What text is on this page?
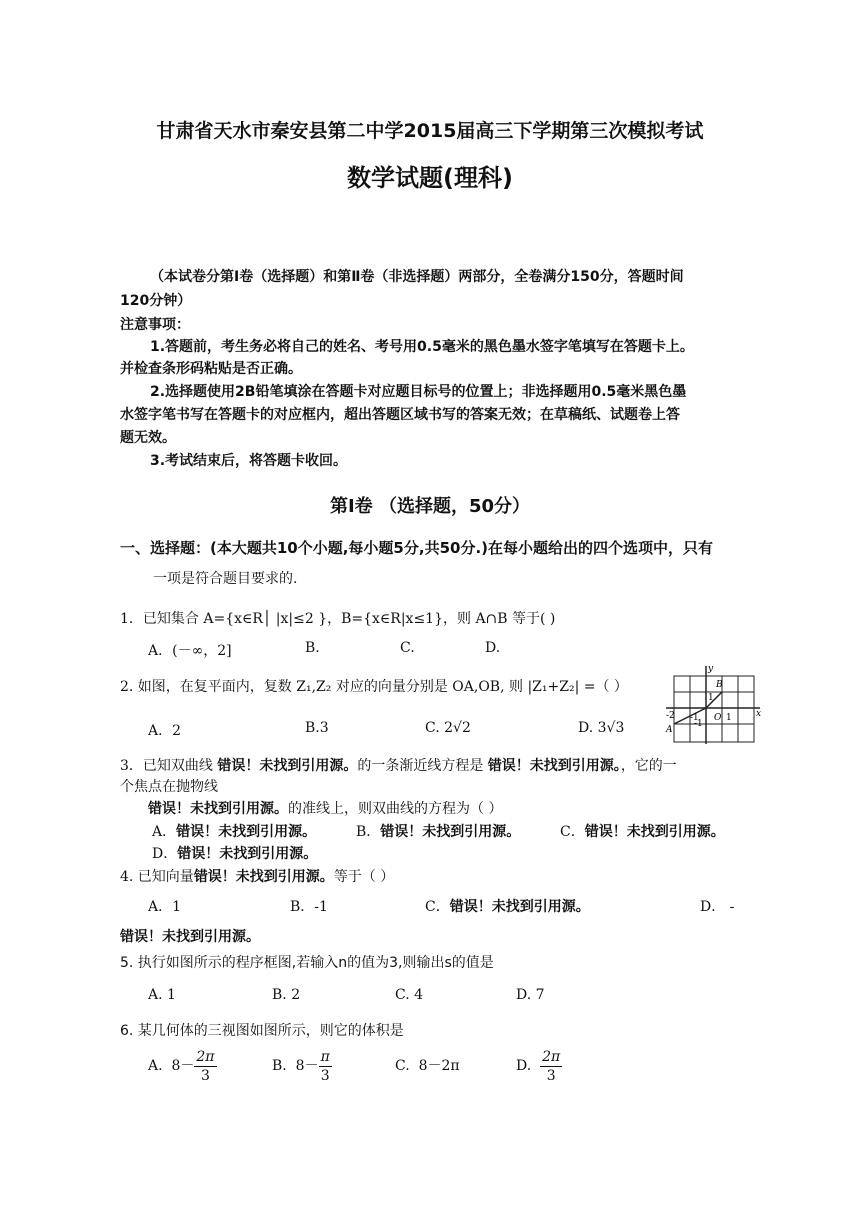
甘肃省天水市秦安县第二中学2015届高三下学期第三次模拟考试
数学试题(理科)
（本试卷分第Ⅰ卷（选择题）和第Ⅱ卷（非选择题）两部分，全卷满分150分，答题时间
120分钟）
注意事项：
1.答题前，考生务必将自己的姓名、考号用0.5毫米的黑色墨水签字笔填写在答题卡上。
并检查条形码粘贴是否正确。
2.选择题使用2B铅笔填涂在答题卡对应题目标号的位置上；非选择题用0.5毫米黑色墨
水签字笔书写在答题卡的对应框内，超出答题区域书写的答案无效；在草稿纸、试题卷上答
题无效。
3.考试结束后，将答题卡收回。
第Ⅰ卷 （选择题，50分）
一、选择题：(本大题共10个小题,每小题5分,共50分.)在每小题给出的四个选项中，只有
一项是符合题目要求的.
1．已知集合 A={x∈R│ |x|≤2 }，B={x∈R|x≤1}，则 A∩B 等于( )
A．(－∞，2]	B.	C.	D.
2. 如图，在复平面内，复数 Z₁,Z₂ 对应的向量分别是 OA,OB, 则 |Z₁+Z₂| =（ ）
A．2	B.3	C. 2√2	D. 3√3
y
B
1
O 1	x
-2 -1
-1
A
3．已知双曲线 错误！未找到引用源。的一条渐近线方程是 错误！未找到引用源。，它的一
个焦点在抛物线
错误！未找到引用源。的准线上，则双曲线的方程为（ ）
A．错误！未找到引用源。	B．错误！未找到引用源。	C．错误！未找到引用源。
D．错误！未找到引用源。
4. 已知向量错误！未找到引用源。等于（ ）
A．1	B．-1	C．错误！未找到引用源。	D． -
错误！未找到引用源。
5. 执行如图所示的程序框图,若输入n的值为3,则输出s的值是
A. 1	B. 2	C. 4	D. 7
6. 某几何体的三视图如图所示，则它的体积是
A. $8- \frac{2\pi}{3}$	B. $8- \frac{\pi}{3}$	C. 8－2π	D. $\frac{2\pi}{3}$
